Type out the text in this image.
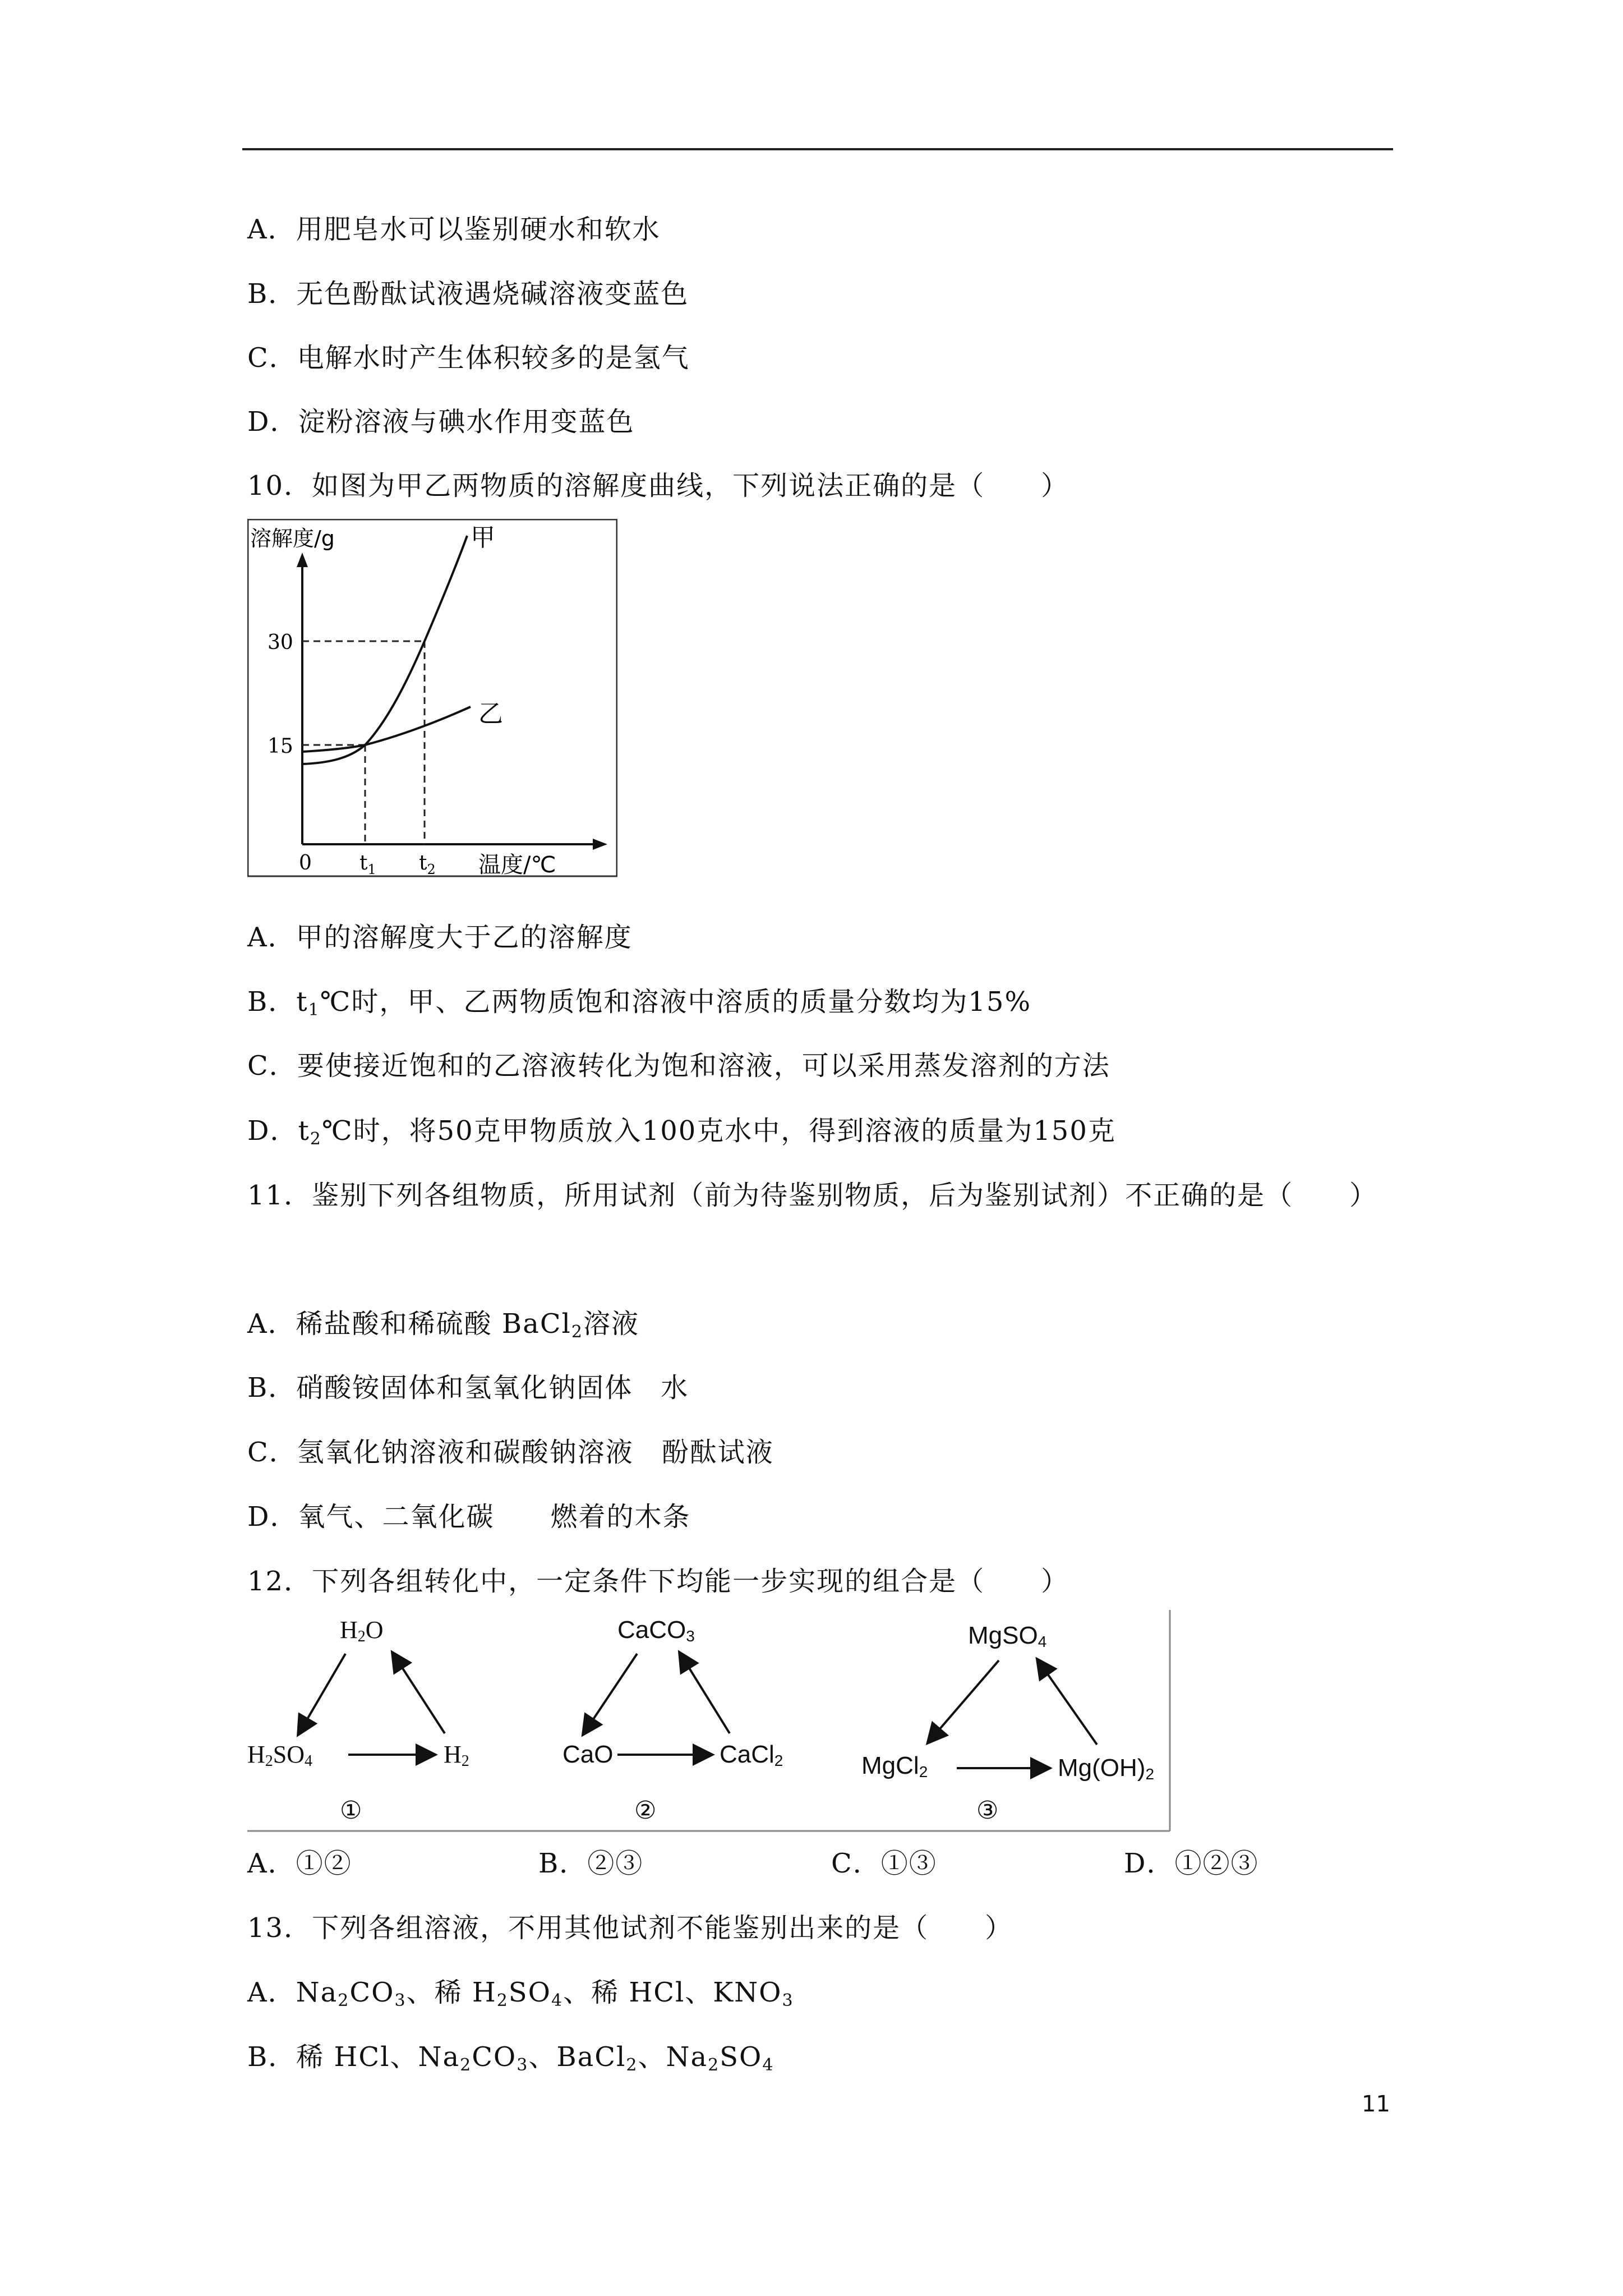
A．用肥皂水可以鉴别硬水和软水
B．无色酚酞试液遇烧碱溶液变蓝色
C．电解水时产生体积较多的是氢气
D．淀粉溶液与碘水作用变蓝色
10．如图为甲乙两物质的溶解度曲线，下列说法正确的是（　　）
溶解度/g
30
15
0 $t_1$ $t_2$ 温度/℃
甲
乙
A．甲的溶解度大于乙的溶解度
B．$t_1℃$时，甲、乙两物质饱和溶液中溶质的质量分数均为15%
C．要使接近饱和的乙溶液转化为饱和溶液，可以采用蒸发溶剂的方法
D．$t_2℃$时，将50克甲物质放入100克水中，得到溶液的质量为150克
11．鉴别下列各组物质，所用试剂（前为待鉴别物质，后为鉴别试剂）不正确的是（　　）
A．稀盐酸和稀硫酸 BaCl$_2$溶液
B．硝酸铵固体和氢氧化钠固体　水
C．氢氧化钠溶液和碳酸钠溶液　酚酞试液
D．氧气、二氧化碳　　燃着的木条
12．下列各组转化中，一定条件下均能一步实现的组合是（　　）
H2O
H2SO4	H2
①
CaCO3
CaO	CaCl2
②
MgSO4
MgCl2	Mg(OH)2
③
A．①②	B．②③	C．①③	D．①②③
13．下列各组溶液，不用其他试剂不能鉴别出来的是（　　）
A．$Na_2CO_3$、稀 $H_2SO_4$、稀 HCl、$KNO_3$
B．稀 HCl、$Na_2CO_3$、BaCl$_2$、$Na_2SO_4$
11
